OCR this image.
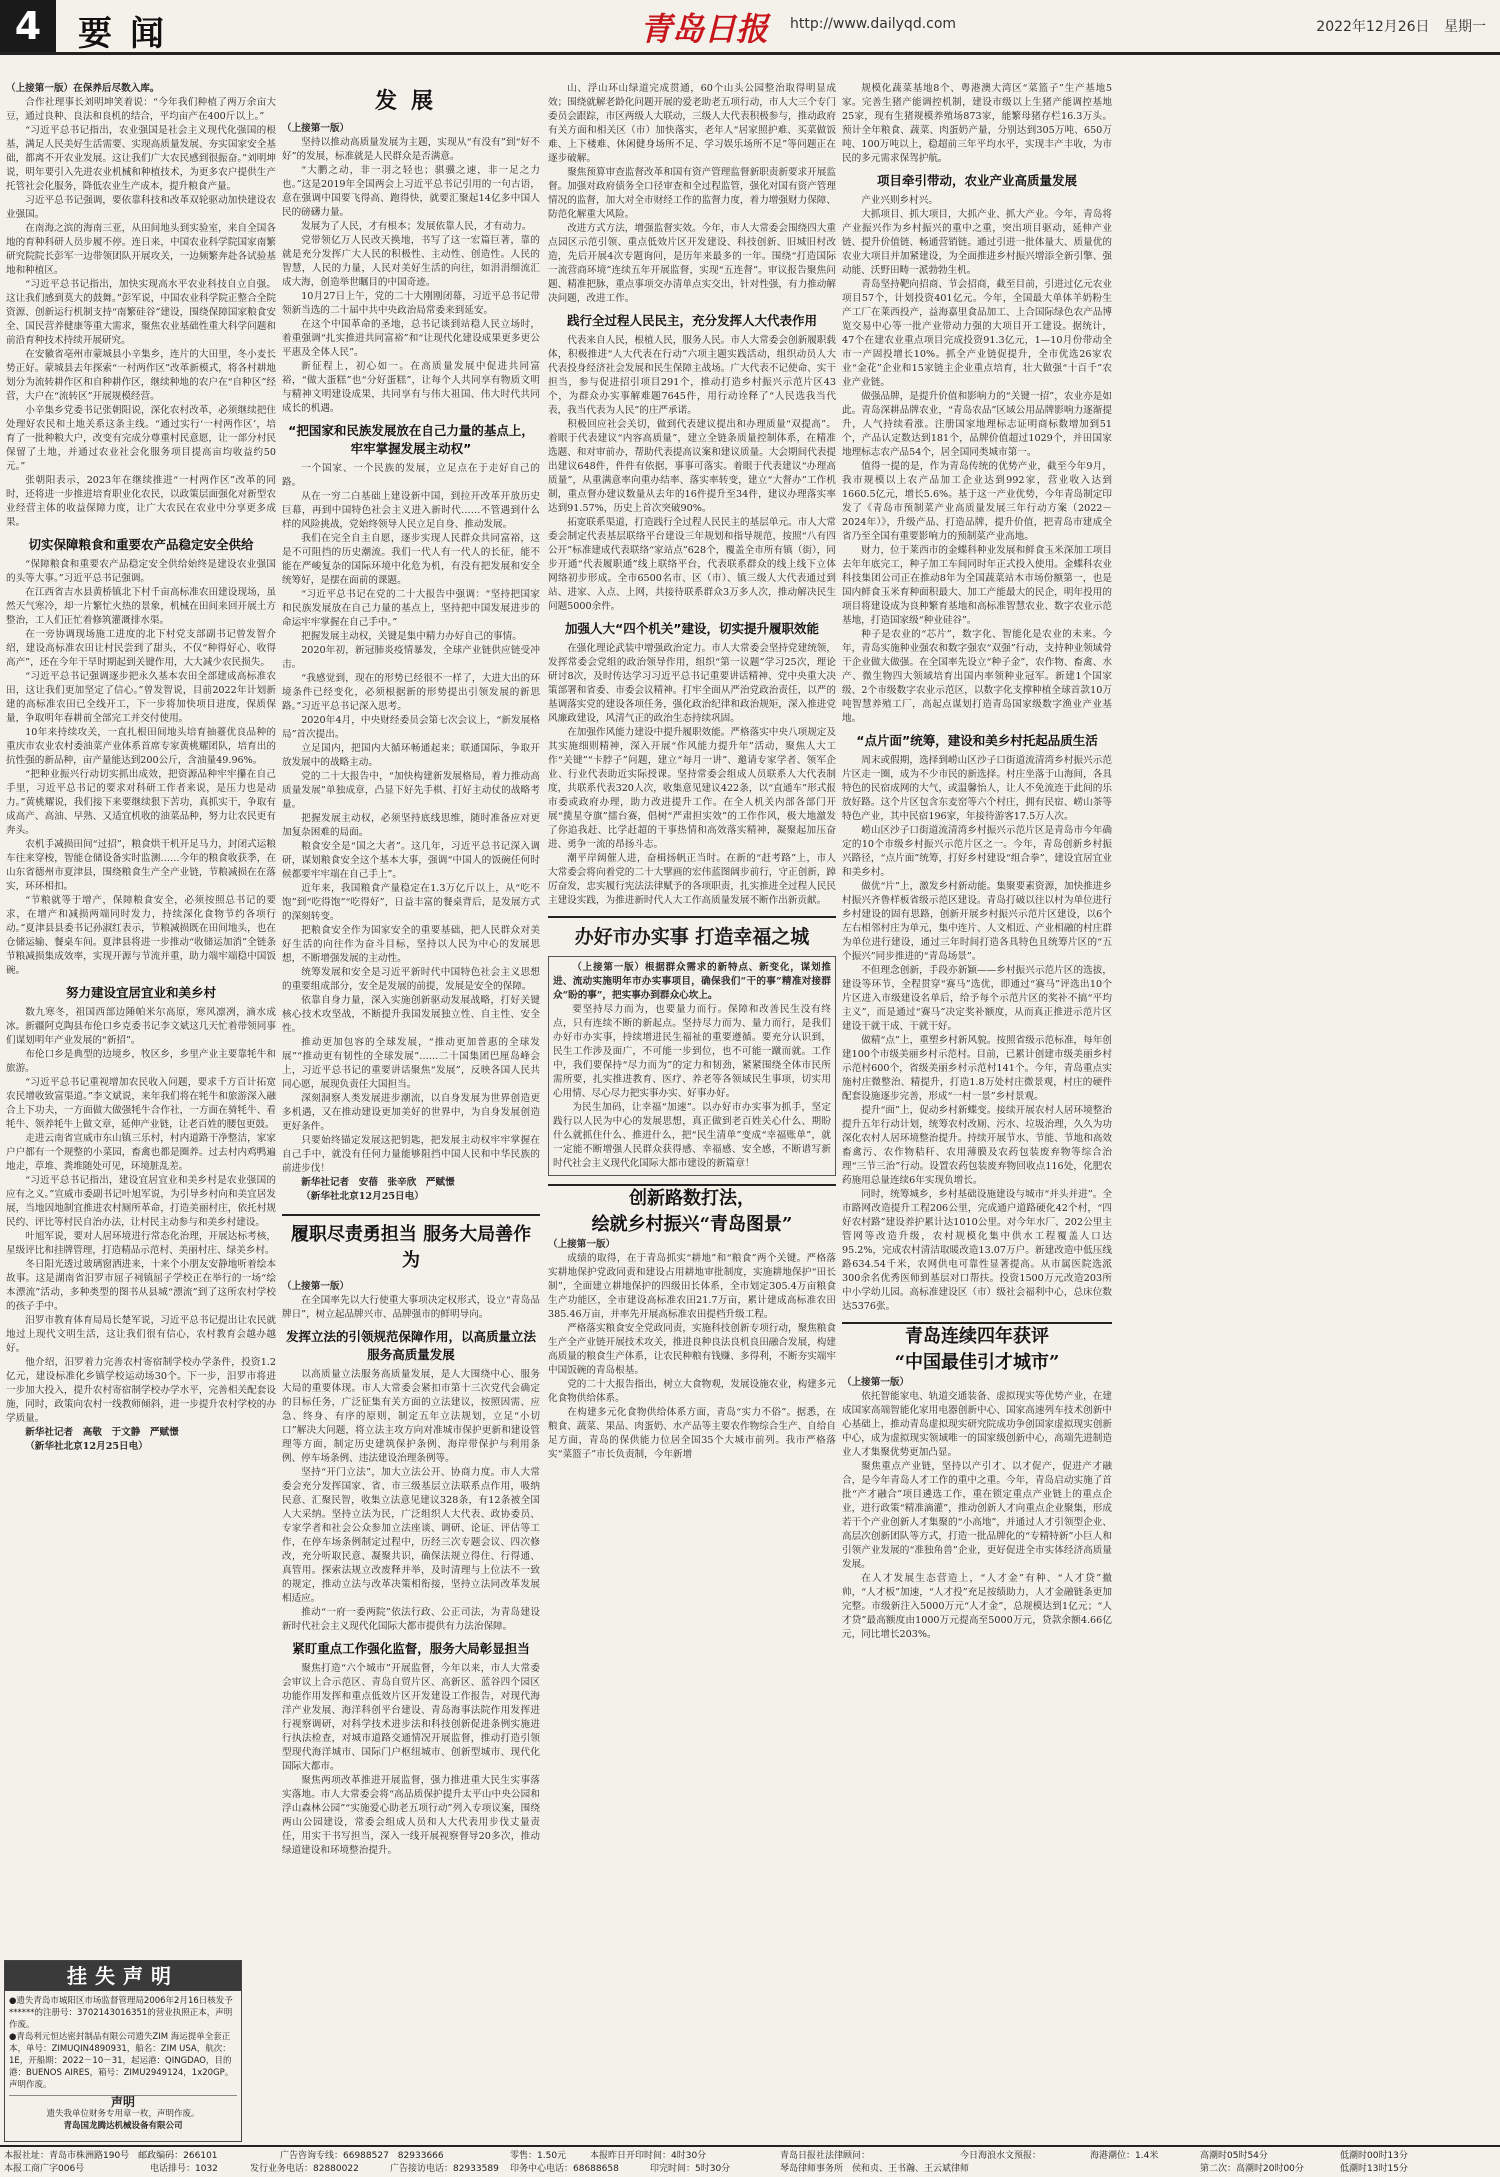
4	要闻	青岛日报 http://www.dailyqd.com	2022年12月26日 星期一

（上接第一版）在保养后尽数入库。

合作社理事长刘明坤笑着说：“今年我们种植了两万余亩大豆，通过良种、良法和良机的结合，平均亩产在400斤以上。”

“习近平总书记指出，农业强国是社会主义现代化强国的根基，满足人民美好生活需要、实现高质量发展、夯实国家安全基础，都离不开农业发展。这让我们广大农民感到很振奋。”刘明坤说，明年要引入先进农业机械和种植技术，为更多农户提供生产托管社会化服务，降低农业生产成本，提升粮食产量。

习近平总书记强调，要依靠科技和改革双轮驱动加快建设农业强国。

在南海之滨的海南三亚，从田间地头到实验室，来自全国各地的育种科研人员步履不停。连日来，中国农业科学院国家南繁研究院院长彭军一边带领团队开展攻关，一边频繁奔赴各试验基地和种植区。

“习近平总书记指出，加快实现高水平农业科技自立自强。这让我们感到莫大的鼓舞。”彭军说，中国农业科学院正整合全院资源、创新运行机制支持“南繁硅谷”建设，围绕保障国家粮食安全、国民营养健康等重大需求，聚焦农业基础性重大科学问题和前沿育种技术持续开展研究。

在安徽省亳州市蒙城县小辛集乡，连片的大田里，冬小麦长势正好。蒙城县去年探索“一村两作区”改革新模式，将各村耕地划分为流转耕作区和自种耕作区，继续种地的农户在“自种区”经营，大户在“流转区”开展规模经营。

小辛集乡党委书记张朝阳说，深化农村改革，必须继续把住处理好农民和土地关系这条主线。“通过实行‘一村两作区’，培育了一批种粮大户，改变有完成分尊重村民意愿，让一部分村民保留了土地，并通过农业社会化服务项目提高亩均收益约50元。”

张朝阳表示，2023年在继续推进“一村两作区”改革的同时，还将进一步推进培育职业化农民，以政策层面强化对新型农业经营主体的收益保障力度，让广大农民在农业中分享更多成果。

切实保障粮食和重要农产品稳定安全供给

“保障粮食和重要农产品稳定安全供给始终是建设农业强国的头等大事。”习近平总书记强调。

在江西省吉水县黄桥镇北下村千亩高标准农田建设现场，虽然天气寒冷，却一片繁忙火热的景象，机械在田间来回开展土方整治，工人们正忙着修筑灌溉排水渠。

在一旁协调现场施工进度的北下村党支部副书记曾发智介绍，建设高标准农田让村民尝到了甜头，不仅“种得好心、收得高产”，还在今年干旱时期起到关键作用，大大减少农民损失。

“习近平总书记强调逐步把永久基本农田全部建成高标准农田，这让我们更加坚定了信心。”曾发智说，目前2022年计划新建的高标准农田已全线开工，下一步将加快项目进度，保质保量，争取明年春耕前全部完工并交付使用。

10年来持续攻关，一直扎根田间地头培育抽薹优良品种的重庆市农业农村委油菜产业体系首席专家黄桃耀团队，培育出的抗性强的新品种，亩产量能达到200公斤，含油量49.96%。

“把种业振兴行动切实抓出成效，把资源品种牢牢攥在自己手里，习近平总书记的要求对科研工作者来说，是压力也是动力。”黄桃耀说，我们接下来要继续狠下苦功，真抓实干，争取有成高产、高油、早熟、又适宜机收的油菜品种，努力让农民更有奔头。

农机手减损田间“过招”，粮食烘干机开足马力，封闭式运粮车往来穿梭，智能仓储设备实时监测……今年的粮食收获季，在山东省德州市夏津县，围绕粮食生产全产业链，节粮减损在在落实，环环相扣。

“节粮就等于增产，保障粮食安全，必须按照总书记的要求，在增产和减损两端同时发力，持续深化食物节约各项行动。”夏津县县委书记孙淑红表示，节粮减损既在田间地头，也在仓储运输、餐桌车间。夏津县将进一步推动“收储运加消”全链条节粮减损集成效率，实现开源与节流并重，助力端牢端稳中国饭碗。

努力建设宜居宜业和美乡村

数九寒冬，祖国西部边陲帕米尔高原，寒风凛冽，滴水成冰。新疆阿克陶县布伦口乡克委书记李文斌这几天忙着带领同事们谋划明年产业发展的“新招”。

布伦口乡是典型的边境乡，牧区乡，乡里产业主要靠牦牛和旅游。

“习近平总书记重视增加农民收入问题，要求千方百计拓宽农民增收致富渠道。”李文斌说，来年我们将在牦牛和旅游深入融合上下功夫，一方面做大做强牦牛合作社，一方面在骑牦牛、看牦牛、领养牦牛上做文章，延伸产业链，让老百姓的腰包更鼓。

走进云南省宣威市东山镇三乐村，村内道路干净整洁，家家户户都有一个规整的小菜园，畜禽也都是圈养。过去村内鸡鸭遍地走，草堆、粪堆随处可见，环境脏乱差。

“习近平总书记指出，建设宜居宜业和美乡村是农业强国的应有之义。”宣威市委副书记叶旭军说，为引导乡村向和美宜居发展，当地因地制宜推进农村厕所革命，打造美丽村庄，依托村规民约、评比等村民自治办法，让村民主动参与和美乡村建设。

叶旭军说，要对人居环境进行常态化治理，开展达标考核，星级评比和挂牌管理，打造精品示范村、美丽村庄、绿美乡村。

冬日阳光透过玻璃窗洒进来，十来个小朋友安静地听着绘本故事。这是湖南省汨罗市屈子祠镇屈子学校正在举行的一场“绘本漂流”活动，多种类型的图书从县城“漂流”到了这所农村学校的孩子手中。

汨罗市教育体育局局长楚军说，习近平总书记提出让农民就地过上现代文明生活，这让我们很有信心，农村教育会越办越好。

他介绍，汨罗着力完善农村寄宿制学校办学条件，投资1.2亿元，建设标准化乡镇学校运动场30个。下一步，汨罗市将进一步加大投入，提升农村寄宿制学校办学水平，完善相关配套设施，同时，政策向农村一线教师倾斜，进一步提升农村学校的办学质量。

新华社记者　高敬　于文静　严赋憬

（新华社北京12月25日电）

挂失声明
●遗失青岛市城阳区市场监督管理局2006年2月16日核发予******的注册号：3702143016351的营业执照正本，声明作废。
●青岛利元恒达密封制品有限公司遗失ZIM 海运提单全套正本，单号：ZIMUQIN4890931，船名：ZIM USA，航次：1E，开船期：2022－10－31，起运港：QINGDAO，目的港：BUENOS AIRES，箱号：ZIMU2949124，1x20GP。声明作废。
声明
遗失我单位财务专用章一枚，声明作废。
青岛国龙腾达机械设备有限公司
发展

（上接第一版）

坚持以推动高质量发展为主题，实现从“有没有”到“好不好”的发展，标准就是人民群众是否满意。

“大鹏之动，非一羽之轻也；骐骥之速，非一足之力也。”这是2019年全国两会上习近平总书记引用的一句古语，意在强调中国要飞得高、跑得快，就要汇聚起14亿多中国人民的磅礴力量。

发展为了人民，才有根本；发展依靠人民，才有动力。

党带领亿万人民改天换地，书写了这一宏篇巨著，靠的就是充分发挥广大人民的积极性、主动性、创造性。人民的智慧，人民的力量，人民对美好生活的向往，如涓涓细流汇成大海，创造举世瞩目的中国奇迹。

10月27日上午，党的二十大刚刚闭幕，习近平总书记带领新当选的二十届中共中央政治局常委来到延安。

在这个中国革命的圣地，总书记谈到站稳人民立场时，着重强调“扎实推进共同富裕”和“让现代化建设成果更多更公平惠及全体人民”。

新征程上，初心如一。在高质量发展中促进共同富裕，“做大蛋糕”也“分好蛋糕”，让每个人共同享有物质文明与精神文明建设成果，共同享有与伟大祖国、伟大时代共同成长的机遇。

“把国家和民族发展放在自己力量的基点上，牢牢掌握发展主动权”

一个国家、一个民族的发展，立足点在于走好自己的路。

从在一穷二白基础上建设新中国，到拉开改革开放历史巨幕，再到中国特色社会主义进入新时代……不管遇到什么样的风险挑战，党始终领导人民立足自身、推动发展。

我们在完全自主自愿，逐步实现人民群众共同富裕，这是不可阻挡的历史潮流。我们一代人有一代人的长征，能不能在严峻复杂的国际环境中化危为机，有没有把发展和安全统筹好，是摆在面前的课题。

“习近平总书记在党的二十大报告中强调：“坚持把国家和民族发展放在自己力量的基点上，坚持把中国发展进步的命运牢牢掌握在自己手中。”

把握发展主动权，关键是集中精力办好自己的事情。

2020年初，新冠肺炎疫情暴发，全球产业链供应链受冲击。

“我感觉到，现在的形势已经很不一样了，大进大出的环境条件已经变化，必须根据新的形势提出引领发展的新思路。”习近平总书记深入思考。

2020年4月，中央财经委员会第七次会议上，“新发展格局”首次提出。

立足国内，把国内大循环畅通起来；联通国际，争取开放发展中的战略主动。

党的二十大报告中，“加快构建新发展格局，着力推动高质量发展”单独成章，凸显下好先手棋、打好主动仗的战略考量。

把握发展主动权，必须坚持底线思维，随时准备应对更加复杂困难的局面。

粮食安全是“国之大者”。这几年，习近平总书记深入调研，谋划粮食安全这个基本大事，强调“中国人的饭碗任何时候都要牢牢端在自己手上”。

近年来，我国粮食产量稳定在1.3万亿斤以上，从“吃不饱”到“吃得饱”“吃得好”，日益丰富的餐桌背后，是发展方式的深刻转变。

把粮食安全作为国家安全的重要基础，把人民群众对美好生活的向往作为奋斗目标，坚持以人民为中心的发展思想，不断增强发展的主动性。

统筹发展和安全是习近平新时代中国特色社会主义思想的重要组成部分，安全是发展的前提，发展是安全的保障。

依靠自身力量，深入实施创新驱动发展战略，打好关键核心技术攻坚战，不断提升我国发展独立性、自主性、安全性。

推动更加包容的全球发展，“推动更加普惠的全球发展”“推动更有韧性的全球发展”……二十国集团巴厘岛峰会上，习近平总书记的重要讲话聚焦“发展”，反映各国人民共同心愿，展现负责任大国担当。

深刻洞察人类发展进步潮流，以自身发展为世界创造更多机遇，又在推动建设更加美好的世界中，为自身发展创造更好条件。

只要始终锚定发展这把钥匙，把发展主动权牢牢掌握在自己手中，就没有任何力量能够阻挡中国人民和中华民族的前进步伐！

新华社记者　安蓓　张辛欣　严赋憬

（新华社北京12月25日电）

履职尽责勇担当 服务大局善作为

（上接第一版）

在全国率先以大行使重大事项决定权形式，设立“青岛品牌日”，树立起品牌兴市、品牌强市的鲜明导向。

发挥立法的引领规范保障作用，以高质量立法服务高质量发展

以高质量立法服务高质量发展，是人大围绕中心、服务大局的重要体现。市人大常委会紧扣市第十三次党代会确定的目标任务，广泛征集有关方面的立法建议，按照因需、应急、终身、有序的原则，制定五年立法规划，立足“小切口”解决大问题，将立法主攻方向对准城市保护更新和建设管理等方面，制定历史建筑保护条例、海岸带保护与利用条例、停车场条例、违法建设治理条例等。

坚持“开门立法”，加大立法公开、协商力度。市人大常委会充分发挥国家、省、市三级基层立法联系点作用，吸纳民意、汇聚民智，收集立法意见建议328条，有12条被全国人大采纳。坚持立法为民，广泛组织人大代表、政协委员、专家学者和社会公众参加立法座谈、调研、论证、评估等工作，在停车场条例制定过程中，历经三次专题会议、四次修改，充分听取民意、凝聚共识，确保法规立得住、行得通、真管用。探索法规立改废释并举，及时清理与上位法不一致的规定，推动立法与改革决策相衔接，坚持立法同改革发展相适应。

推动“一府一委两院”依法行政、公正司法，为青岛建设新时代社会主义现代化国际大都市提供有力法治保障。

紧盯重点工作强化监督，服务大局彰显担当

聚焦打造“六个城市”开展监督，今年以来，市人大常委会审议上合示范区、青岛自贸片区、高新区、蓝谷四个园区功能作用发挥和重点低效片区开发建设工作报告，对现代海洋产业发展、海洋科创平台建设、青岛海事法院作用发挥进行视察调研，对科学技术进步法和科技创新促进条例实施进行执法检查，对城市道路交通情况开展监督，推动打造引领型现代海洋城市、国际门户枢纽城市、创新型城市、现代化国际大都市。

聚焦两项改革推进开展监督，强力推进重大民生实事落实落地。市人大常委会将“高品质保护提升太平山中央公园和浮山森林公园”“实施爱心助老五项行动”列入专项议案，围绕两山公园建设，常委会组成人员和人大代表用步伐丈量责任，用实干书写担当，深入一线开展视察督导20多次，推动绿道建设和环境整治提升。

山、浮山环山绿道完成贯通，60个山头公园整治取得明显成效；围绕就解老龄化问题开展的爱老助老五项行动，市人大三个专门委员会跟踪，市区两级人大联动，三级人大代表积极参与，推动政府有关方面和相关区（市）加快落实，老年人“居家照护难、买菜做饭难、上下楼难、休闲健身场所不足、学习娱乐场所不足”等问题正在逐步破解。

聚焦预算审查监督改革和国有资产管理监督新职责新要求开展监督。加强对政府债务全口径审查和全过程监管，强化对国有资产管理情况的监督，加大对全市财经工作的监督力度，着力增强财力保障、防范化解重大风险。

改进方式方法，增强监督实效。今年，市人大常委会围绕四大重点园区示范引领、重点低效片区开发建设、科技创新、旧城旧村改造，先后开展4次专题询问，是历年来最多的一年。围绕“打造国际一流营商环境”连续五年开展监督，实现“五连督”。审议报告聚焦问题、精准把脉，重点事项交办清单点实交出，针对性强，有力推动解决问题，改进工作。

践行全过程人民民主，充分发挥人大代表作用

代表来自人民，根植人民，服务人民。市人大常委会创新履职载体，积极推进“人大代表在行动”六项主题实践活动，组织动员人大代表投身经济社会发展和民生保障主战场。广大代表不记使命、实干担当，参与促进招引项目291个，推动打造乡村振兴示范片区43个，为群众办实事解难题7645件，用行动诠释了“人民选我当代表，我当代表为人民”的庄严承诺。

积极回应社会关切，做到代表建议提出和办理质量“双提高”。着眼于代表建议“内容高质量”，建立全链条质量控制体系，在精准选题、和对审前办，帮助代表提高议案和建议质量。大会期间代表提出建议648件，件件有依据，事事可落实。着眼于代表建议“办理高质量”，从重满意率向重办结率、落实率转变，建立“大督办”工作机制，重点督办建议数量从去年的16件提升至34件，建议办理落实率达到91.57%，历史上首次突破90%。

拓宽联系渠道，打造践行全过程人民民主的基层单元。市人大常委会制定代表基层联络平台建设三年规划和指导规范，按照“八有四公开”标准建成代表联络“家站点”628个，覆盖全市所有镇（街），同步开通“代表履职通”线上联络平台，代表联系群众的线上线下立体网络初步形成。全市6500名市、区（市）、镇三级人大代表通过到站、进家、入点、上网，共接待联系群众3万多人次，推动解决民生问题5000余件。

加强人大“四个机关”建设，切实提升履职效能

在强化理论武装中增强政治定力。市人大常委会坚持党建统领，发挥常委会党组的政治领导作用，组织“第一议题”学习25次，理论研讨8次，及时传达学习习近平总书记重要讲话精神、党中央重大决策部署和省委、市委会议精神。打牢全面从严治党政治责任，以严的基调落实党的建设各项任务，强化政治纪律和政治规矩，深入推进党风廉政建设，风清气正的政治生态持续巩固。

在加强作风能力建设中提升履职效能。严格落实中央八项规定及其实施细则精神，深入开展“作风能力提升年”活动，聚焦人大工作“关键”“卡脖子”问题，建立“每月一讲”、邀请专家学者、领军企业、行业代表助近实际授课。坚持常委会组成人员联系人大代表制度，共联系代表320人次，收集意见建议422条，以“直通车”形式报市委或政府办理，助力改进提升工作。在全人机关内部各部门开展“揽星夺旗”擂台赛，倡树“严肃担实效”的工作作风，极大地激发了你追我赶、比学赶超的干事热情和高效落实精神，凝聚起加压奋进、勇争一流的昂扬斗志。

潮平岸阔催人进，奋楫扬帆正当时。在新的“赶考路”上，市人大常委会将向着党的二十大擘画的宏伟蓝图阔步前行，守正创新，踔厉奋发，忠实履行宪法法律赋予的各项职责，扎实推进全过程人民民主建设实践，为推进新时代人大工作高质量发展不断作出新贡献。

办好市办实事 打造幸福之城

（上接第一版）根据群众需求的新特点、新变化，谋划推进、流动实施明年市办实事项目，确保我们“干的事”精准对接群众“盼的事”，把实事办到群众心坎上。

要坚持尽力而为，也要量力而行。保障和改善民生没有终点，只有连续不断的新起点。坚持尽力而为、量力而行，是我们办好市办实事，持续增进民生福祉的重要遵循。要充分认识到，民生工作涉及面广，不可能一步到位，也不可能一蹴而就。工作中，我们要保持“尽力而为”的定力和韧劲，紧紧围绕全体市民所需所要，扎实推进教育、医疗、养老等各领域民生事项，切实用心用情、尽心尽力把实事办实、好事办好。

为民生加码，让幸福“加速”。以办好市办实事为抓手，坚定践行以人民为中心的发展思想，真正做到老百姓关心什么、期盼什么就抓住什么、推进什么，把“民生清单”变成“幸福账单”，就一定能不断增强人民群众获得感、幸福感、安全感，不断谱写新时代社会主义现代化国际大都市建设的新篇章！

创新路数打法，
绘就乡村振兴“青岛图景”

（上接第一版）

成绩的取得，在于青岛抓实“耕地”和“粮食”两个关键。严格落实耕地保护党政同责和建设占用耕地审批制度，实施耕地保护“田长制”，全面建立耕地保护的四级田长体系，全市划定305.4万亩粮食生产功能区，全市建设高标准农田21.7万亩，累计建成高标准农田385.46万亩，并率先开展高标准农田提档升级工程。

严格落实粮食安全党政同责，实施科技创新专项行动，聚焦粮食生产全产业链开展技术攻关，推进良种良法良机良田融合发展，构建高质量的粮食生产体系，让农民种粮有钱赚、多得利，不断夯实端牢中国饭碗的青岛根基。

党的二十大报告指出，树立大食物观，发展设施农业，构建多元化食物供给体系。

在构建多元化食物供给体系方面，青岛“实力不俗”。据悉，在粮食、蔬菜、果品、肉蛋奶、水产品等主要农作物综合生产、自给自足方面，青岛的保供能力位居全国35个大城市前列。我市严格落实“菜篮子”市长负责制，今年新增

规模化蔬菜基地8个、粤港澳大湾区“菜篮子”生产基地5家。完善生猪产能调控机制，建设市级以上生猪产能调控基地25家，现有生猪规模养殖场873家，能繁母猪存栏16.3万头。预计全年粮食、蔬菜、肉蛋奶产量，分别达到305万吨、650万吨、100万吨以上，稳超前三年平均水平，实现丰产丰收，为市民的多元需求保驾护航。

项目牵引带动，农业产业高质量发展

产业兴则乡村兴。

大抓项目、抓大项目，大抓产业、抓大产业。今年，青岛将产业振兴作为乡村振兴的重中之重，突出项目驱动，延伸产业链、提升价值链、畅通营销链。通过引进一批体量大、质量优的农业大项目并加紧建设，为全面推进乡村振兴增添全新引擎、强动能、沃野田畴一派勃勃生机。

青岛坚持靶向招商、节会招商，截至目前，引进过亿元农业项目57个，计划投资401亿元。今年，全国最大单体羊奶粉生产工厂在莱西投产，益海嘉里食品加工、上合国际绿色农产品博览交易中心等一批产业带动力强的大项目开工建设。据统计，47个在建农业重点项目完成投资91.3亿元，1—10月份带动全市一产固投增长10%。抓全产业链促提升，全市优选26家农业“金花”企业和15家链主企业重点培育，壮大做强“十百千”农业产业链。

做强品牌，是提升价值和影响力的“关键一招”，农业亦是如此。青岛深耕品牌农业，“青岛农品”区域公用品牌影响力逐渐提升，人气持续看涨。注册国家地理标志证明商标数增加到51个，产品认定数达到181个，品牌价值超过1029个，并田国家地理标志农产品54个，居全国同类城市第一。

值得一提的是，作为青岛传统的优势产业，截至今年9月，我市规模以上农产品加工企业达到992家，营业收入达到1660.5亿元，增长5.6%。基于这一产业优势，今年青岛制定印发了《青岛市预制菜产业高质量发展三年行动方案（2022－2024年）》，升级产品、打造品牌，提升价值，把青岛市建成全省乃至全国有重要影响力的预制菜产业高地。

财力，位于莱西市的金蝶科种业发展和鲜食玉米深加工项目去年年底完工，种子加工车间同时年正式投入使用。金蝶科农业科技集团公司正在推动8年为全国蔬菜站木市场份额第一，也是国内鲜食玉米育种面积最大、加工产能最大的民企，明年投用的项目将建设成为良种繁育基地和高标准智慧农业、数字农业示范基地，打造国家级“种业硅谷”。

种子是农业的“芯片”，数字化、智能化是农业的未来。今年，青岛实施种业强农和数字强农“双强”行动，支持种业领域骨干企业做大做强。在全国率先设立“种子金”，农作物、畜禽、水产、微生物四大领域培育出国内率领种业冠军。新建1个国家级、2个市级数字农业示范区，以数字化支撑种植全球首款10万吨智慧养殖工厂，高起点谋划打造青岛国家级数字渔业产业基地。

“点片面”统筹，建设和美乡村托起品质生活

周末或假期，选择到崂山区沙子口街道流清湾乡村振兴示范片区走一圈，成为不少市民的新选择。村庄坐落于山海间，各具特色的民宿成网的大气，或温馨怡人，让人不免流连于此间的乐放好路。这个片区包含东麦窑等六个村庄，拥有民宿、崂山茶等特色产业，其中民宿196家，年接待游客17.5万人次。

崂山区沙子口街道流清湾乡村振兴示范片区是青岛市今年确定的10个市级乡村振兴示范片区之一。今年，青岛创新乡村振兴路径，“点片面”统筹，打好乡村建设“组合拳”，建设宜居宜业和美乡村。

做优“片”上，激发乡村新动能。集聚要素资源，加快推进乡村振兴齐鲁样板省级示范区建设。青岛打破以往以村为单位进行乡村建设的固有思路，创新开展乡村振兴示范片区建设，以6个左右相邻村庄为单元，集中连片、人文相近、产业相融的村庄群为单位进行建设，通过三年时间打造各具特色且统筹片区的“五个振兴”同步推进的“青岛场景”。

不但理念创新，手段亦新颖——乡村振兴示范片区的选拔，建设等环节，全程贯穿“赛马”选优，即通过“赛马”评选出10个片区进入市级建设名单后，给予每个示范片区的奖补不搞“平均主义”，而是通过“赛马”决定奖补额度，从而真正推进示范片区建设干就干成、干就干好。

做精“点”上，重塑乡村新风貌。按照省级示范标准，每年创建100个市级美丽乡村示范村。目前，已累计创建市级美丽乡村示范村600个，省级美丽乡村示范村141个。今年，青岛重点实施村庄微整治、精提升，打造1.8万处村庄微景观，村庄的硬件配套设施逐步完善，形成“一村一景”乡村景观。

提升“面”上，促动乡村新蝶变。接续开展农村人居环境整治提升五年行动计划，统筹农村改厕、污水、垃圾治理，久久为功深化农村人居环境整治提升。持续开展节水、节能、节地和高效畜禽污、农作物秸秆、农用薄膜及农药包装废弃物等综合治理“三节三治”行动。设置农药包装废弃物回收点116处，化肥农药施用总量连续6年实现负增长。

同时，统筹城乡，乡村基础设施建设与城市“并头并进”。全市路网改造提升工程206公里，完成通户道路硬化42个村，“四好农村路”建设养护累计达1010公里。对今年水厂、202公里主管网等改造升级，农村规模化集中供水工程覆盖人口达95.2%，完成农村清洁取暖改造13.07万户。新建改造中低压线路634.54千米，农网供电可靠性显著提高。从市属医院选派300余名优秀医师到基层对口帮扶。投资1500万元改造203所中小学幼儿园。高标准建设区（市）级社会福利中心，总床位数达5376张。

青岛连续四年获评
“中国最佳引才城市”

（上接第一版）

依托智能家电、轨道交通装备、虚拟现实等优势产业，在建成国家高端智能化家用电器创新中心、国家高速列车技术创新中心基础上，推动青岛虚拟现实研究院成功争创国家虚拟现实创新中心，成为虚拟现实领域唯一的国家级创新中心，高端先进制造业人才集聚优势更加凸显。

聚焦重点产业链，坚持以产引才、以才促产，促进产才融合，是今年青岛人才工作的重中之重。今年，青岛启动实施了首批“产才融合”项目遴选工作，重在锁定重点产业链上的重点企业，进行政策“精准滴灌”，推动创新人才向重点企业聚集，形成若干个产业创新人才集聚的“小高地”，并通过人才引领型企业、高层次创新团队等方式，打造一批品牌化的“专精特新”小巨人和引领产业发展的“准独角兽”企业，更好促进全市实体经济高质量发展。

在人才发展生态营造上，“人才金”有种、“人才贷”撤帅，“人才板”加速，“人才投”充足按绩助力，人才金融链条更加完整。市级新注入5000万元“人才金”，总规模达到1亿元；“人才贷”最高额度由1000万元提高至5000万元，贷款余额4.66亿元，同比增长203%。

本报社址：青岛市株洲路190号　邮政编码：266101	广告咨询专线：66988527　82933666	零售：1.50元	本报昨日开印时间：4时30分	青岛日报社法律顾问：	今日海浪水文预报：	海港潮位：1.4米	高潮时05时54分	低潮时00时13分
本报工商广字006号	电话排号：1032	发行业务电话：82880022	广告接访电话：82933589 印务中心电话：68688658	印完时间：5时30分	琴岛律师事务所　侯和贞、王书瀚、王云斌律师	第二次：高潮时20时00分	低潮时13时15分
